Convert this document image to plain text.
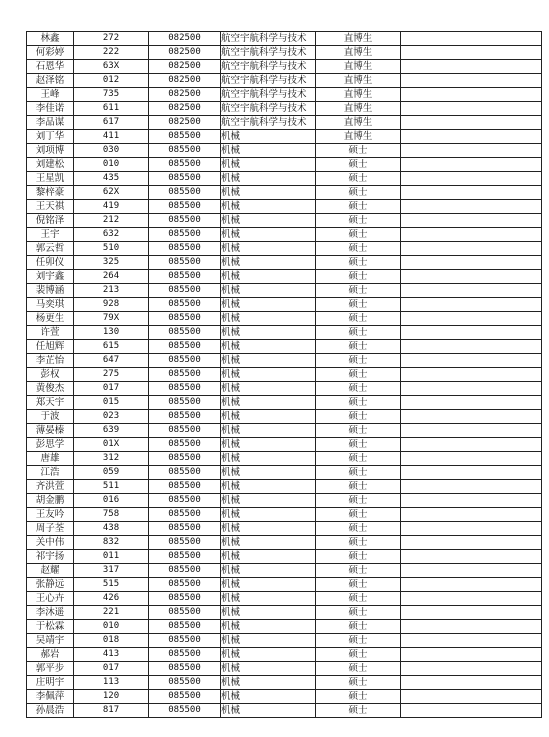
林鑫	272	082500	航空宇航科学与技术	直博生	
何彩婷	222	082500	航空宇航科学与技术	直博生	
石恩华	63X	082500	航空宇航科学与技术	直博生	
赵泽铭	012	082500	航空宇航科学与技术	直博生	
王峰	735	082500	航空宇航科学与技术	直博生	
李佳诺	611	082500	航空宇航科学与技术	直博生	
李品谋	617	082500	航空宇航科学与技术	直博生	
刘丁华	411	085500	机械	直博生	
刘项博	030	085500	机械	硕士	
刘建松	010	085500	机械	硕士	
王星凯	435	085500	机械	硕士	
黎梓豪	62X	085500	机械	硕士	
王天祺	419	085500	机械	硕士	
倪铭泽	212	085500	机械	硕士	
王宇	632	085500	机械	硕士	
郭云哲	510	085500	机械	硕士	
任卯仪	325	085500	机械	硕士	
刘宇鑫	264	085500	机械	硕士	
裴博涵	213	085500	机械	硕士	
马奕琪	928	085500	机械	硕士	
杨更生	79X	085500	机械	硕士	
许萱	130	085500	机械	硕士	
任旭辉	615	085500	机械	硕士	
李芷怡	647	085500	机械	硕士	
彭权	275	085500	机械	硕士	
黄俊杰	017	085500	机械	硕士	
郑天宇	015	085500	机械	硕士	
于波	023	085500	机械	硕士	
薄晏榛	639	085500	机械	硕士	
彭思学	01X	085500	机械	硕士	
唐雄	312	085500	机械	硕士	
江浩	059	085500	机械	硕士	
齐洪萱	511	085500	机械	硕士	
胡金鹏	016	085500	机械	硕士	
王友吟	758	085500	机械	硕士	
周子荃	438	085500	机械	硕士	
关中伟	832	085500	机械	硕士	
祁宇扬	011	085500	机械	硕士	
赵耀	317	085500	机械	硕士	
张静远	515	085500	机械	硕士	
王心卉	426	085500	机械	硕士	
李沐遥	221	085500	机械	硕士	
于松霖	010	085500	机械	硕士	
吴靖宇	018	085500	机械	硕士	
郝岩	413	085500	机械	硕士	
郭平步	017	085500	机械	硕士	
庄明宇	113	085500	机械	硕士	
李佩萍	120	085500	机械	硕士	
孙晨浩	817	085500	机械	硕士	
